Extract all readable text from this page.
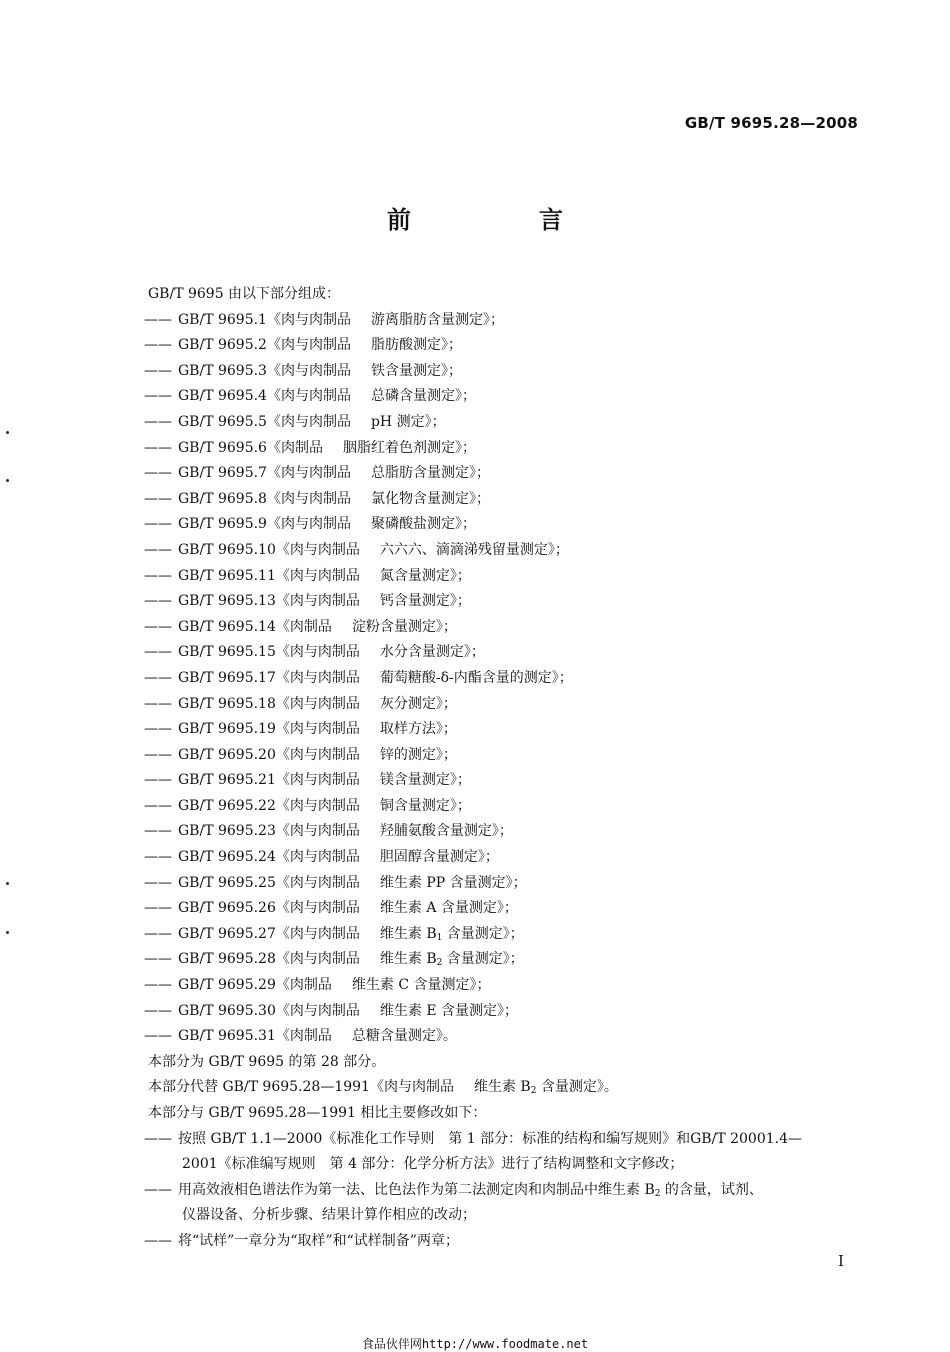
GB/T 9695.28—2008
前　言
GB/T 9695 由以下部分组成：
—— GB/T 9695.1《肉与肉制品 游离脂肪含量测定》；
—— GB/T 9695.2《肉与肉制品 脂肪酸测定》；
—— GB/T 9695.3《肉与肉制品 铁含量测定》；
—— GB/T 9695.4《肉与肉制品 总磷含量测定》；
—— GB/T 9695.5《肉与肉制品 pH 测定》；
—— GB/T 9695.6《肉制品 胭脂红着色剂测定》；
—— GB/T 9695.7《肉与肉制品 总脂肪含量测定》；
—— GB/T 9695.8《肉与肉制品 氯化物含量测定》；
—— GB/T 9695.9《肉与肉制品 聚磷酸盐测定》；
—— GB/T 9695.10《肉与肉制品 六六六、滴滴涕残留量测定》；
—— GB/T 9695.11《肉与肉制品 氮含量测定》；
—— GB/T 9695.13《肉与肉制品 钙含量测定》；
—— GB/T 9695.14《肉制品 淀粉含量测定》；
—— GB/T 9695.15《肉与肉制品 水分含量测定》；
—— GB/T 9695.17《肉与肉制品 葡萄糖酸-δ-内酯含量的测定》；
—— GB/T 9695.18《肉与肉制品 灰分测定》；
—— GB/T 9695.19《肉与肉制品 取样方法》；
—— GB/T 9695.20《肉与肉制品 锌的测定》；
—— GB/T 9695.21《肉与肉制品 镁含量测定》；
—— GB/T 9695.22《肉与肉制品 铜含量测定》；
—— GB/T 9695.23《肉与肉制品 羟脯氨酸含量测定》；
—— GB/T 9695.24《肉与肉制品 胆固醇含量测定》；
—— GB/T 9695.25《肉与肉制品 维生素 PP 含量测定》；
—— GB/T 9695.26《肉与肉制品 维生素 A 含量测定》；
—— GB/T 9695.27《肉与肉制品 维生素 $B_1$ 含量测定》；
—— GB/T 9695.28《肉与肉制品 维生素 $B_2$ 含量测定》；
—— GB/T 9695.29《肉制品 维生素 C 含量测定》；
—— GB/T 9695.30《肉与肉制品 维生素 E 含量测定》；
—— GB/T 9695.31《肉制品 总糖含量测定》。
本部分为 GB/T 9695 的第 28 部分。
本部分代替 GB/T 9695.28—1991《肉与肉制品 维生素 $B_2$ 含量测定》。
本部分与 GB/T 9695.28—1991 相比主要修改如下：
—— 按照 GB/T 1.1—2000《标准化工作导则　第 1 部分：标准的结构和编写规则》和GB/T 20001.4—
2001《标准编写规则　第 4 部分：化学分析方法》进行了结构调整和文字修改；
—— 用高效液相色谱法作为第一法、比色法作为第二法测定肉和肉制品中维生素 $B_2$ 的含量，试剂、
仪器设备、分析步骤、结果计算作相应的改动；
—— 将“试样”一章分为“取样”和“试样制备”两章；
I
食品伙伴网http://www.foodmate.net
